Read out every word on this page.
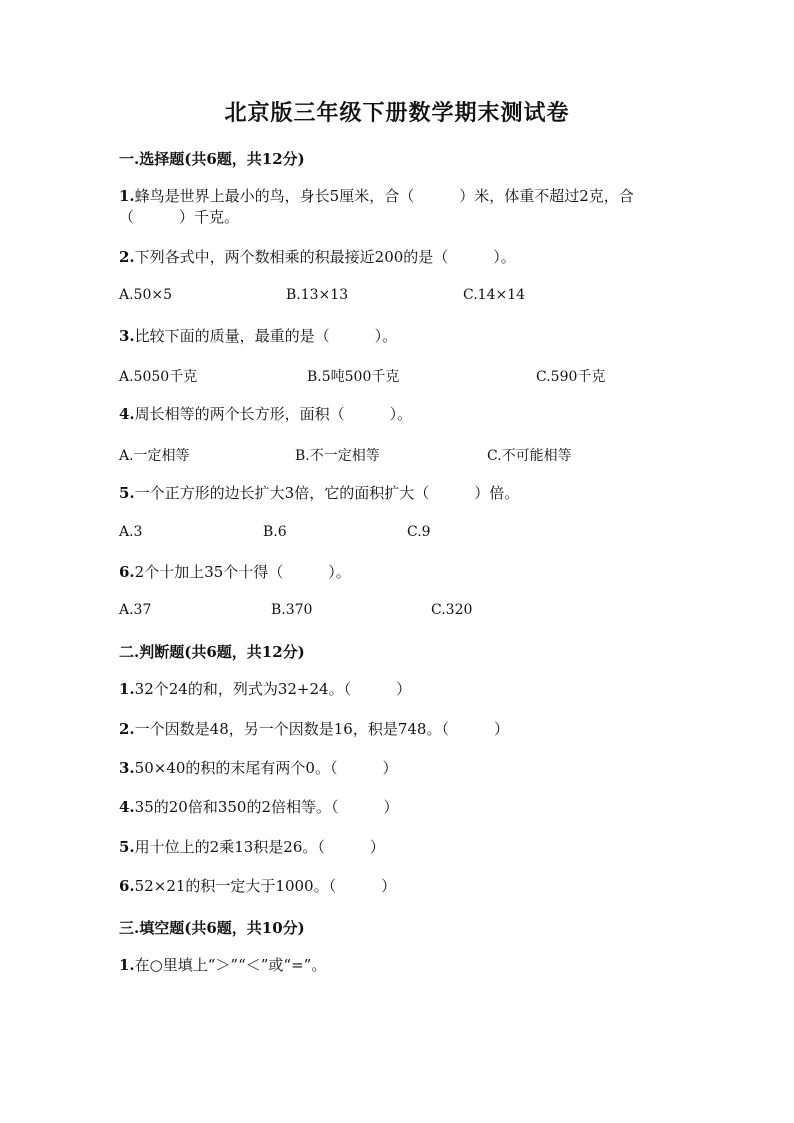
北京版三年级下册数学期末测试卷
一.选择题(共6题，共12分)
1.蜂鸟是世界上最小的鸟，身长5厘米，合（　　　）米，体重不超过2克，合
（　　　）千克。
2.下列各式中，两个数相乘的积最接近200的是（　　　）。
A.50×5	B.13×13	C.14×14
3.比较下面的质量，最重的是（　　　）。
A.5050千克	B.5吨500千克	C.590千克
4.周长相等的两个长方形，面积（　　　）。
A.一定相等	B.不一定相等	C.不可能相等
5.一个正方形的边长扩大3倍，它的面积扩大（　　　）倍。
A.3	B.6	C.9
6.2个十加上35个十得（　　　）。
A.37	B.370	C.320
二.判断题(共6题，共12分)
1.32个24的和，列式为32+24。（　　　）
2.一个因数是48，另一个因数是16，积是748。（　　　）
3.50×40的积的末尾有两个0。（　　　）
4.35的20倍和350的2倍相等。（　　　）
5.用十位上的2乘13积是26。（　　　）
6.52×21的积一定大于1000。（　　　）
三.填空题(共6题，共10分)
1.在○里填上“＞”“＜”或“=”。
